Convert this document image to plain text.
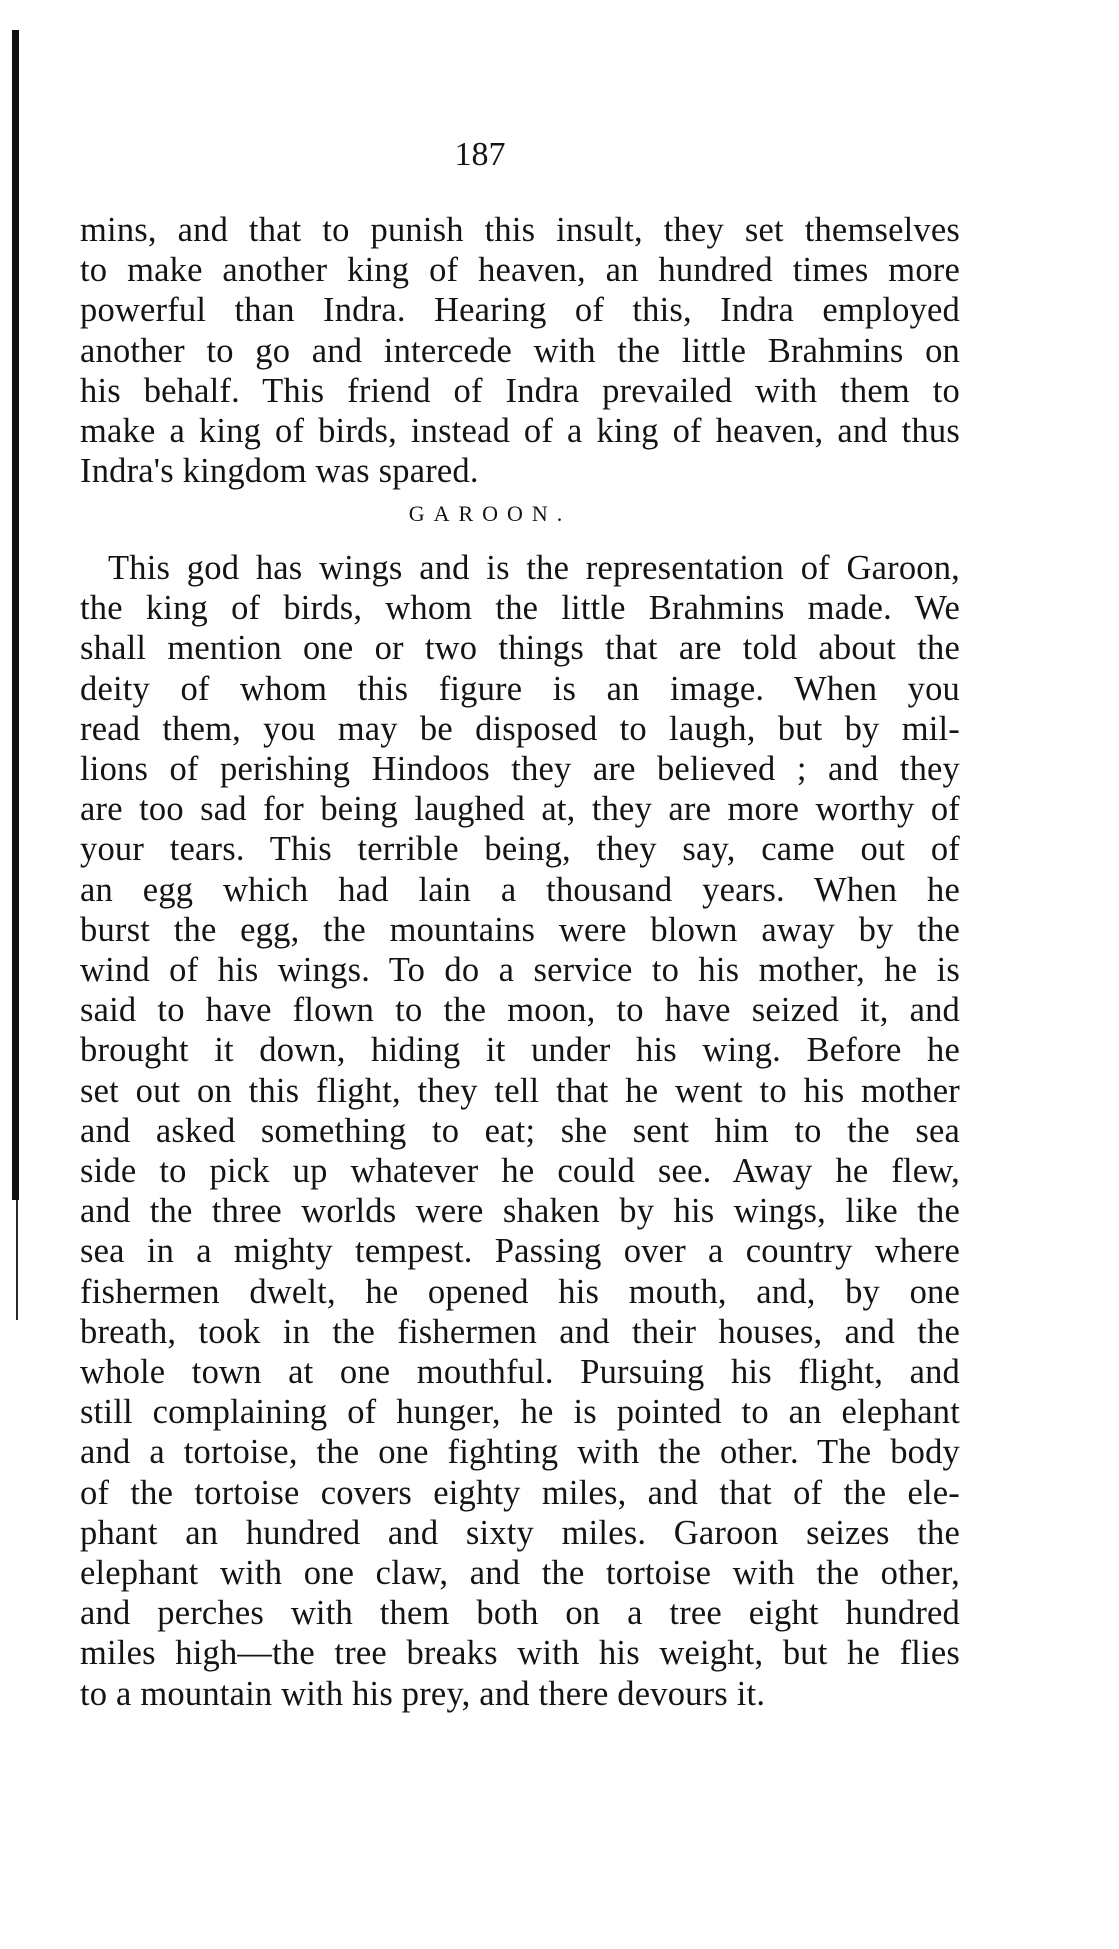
187
mins, and that to punish this insult, they set themselves
to make another king of heaven, an hundred times more
powerful than Indra. Hearing of this, Indra employed
another to go and intercede with the little Brahmins on
his behalf. This friend of Indra prevailed with them to
make a king of birds, instead of a king of heaven, and thus
Indra's kingdom was spared.
GAROON.
This god has wings and is the representation of Garoon,
the king of birds, whom the little Brahmins made. We
shall mention one or two things that are told about the
deity of whom this figure is an image. When you
read them, you may be disposed to laugh, but by mil-
lions of perishing Hindoos they are believed ; and they
are too sad for being laughed at, they are more worthy of
your tears. This terrible being, they say, came out of
an egg which had lain a thousand years. When he
burst the egg, the mountains were blown away by the
wind of his wings. To do a service to his mother, he is
said to have flown to the moon, to have seized it, and
brought it down, hiding it under his wing. Before he
set out on this flight, they tell that he went to his mother
and asked something to eat; she sent him to the sea
side to pick up whatever he could see. Away he flew,
and the three worlds were shaken by his wings, like the
sea in a mighty tempest. Passing over a country where
fishermen dwelt, he opened his mouth, and, by one
breath, took in the fishermen and their houses, and the
whole town at one mouthful. Pursuing his flight, and
still complaining of hunger, he is pointed to an elephant
and a tortoise, the one fighting with the other. The body
of the tortoise covers eighty miles, and that of the ele-
phant an hundred and sixty miles. Garoon seizes the
elephant with one claw, and the tortoise with the other,
and perches with them both on a tree eight hundred
miles high—the tree breaks with his weight, but he flies
to a mountain with his prey, and there devours it.
